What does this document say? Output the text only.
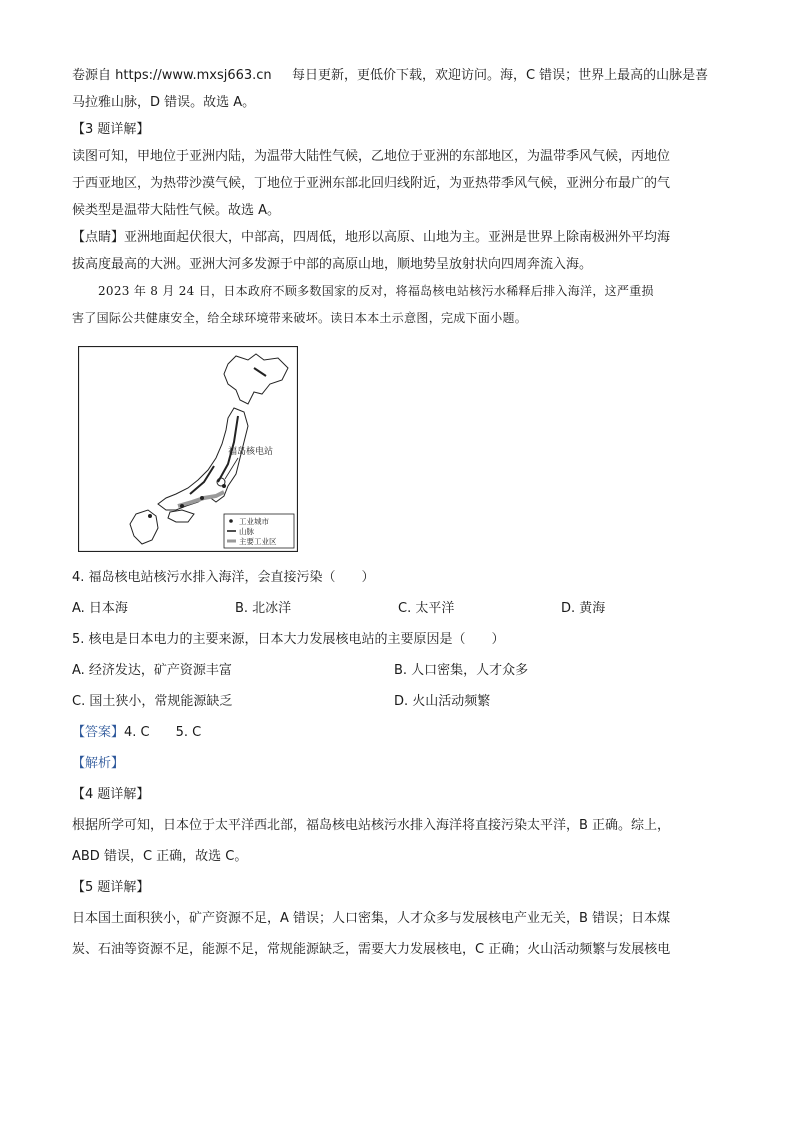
卷源自 https://www.mxsj663.cn 每日更新，更低价下载，欢迎访问。海，C 错误；世界上最高的山脉是喜
马拉雅山脉，D 错误。故选 A。
【3 题详解】
读图可知，甲地位于亚洲内陆，为温带大陆性气候，乙地位于亚洲的东部地区，为温带季风气候，丙地位
于西亚地区，为热带沙漠气候，丁地位于亚洲东部北回归线附近，为亚热带季风气候，亚洲分布最广的气
候类型是温带大陆性气候。故选 A。
【点睛】亚洲地面起伏很大，中部高，四周低，地形以高原、山地为主。亚洲是世界上除南极洲外平均海
拔高度最高的大洲。亚洲大河多发源于中部的高原山地，顺地势呈放射状向四周奔流入海。
2023 年 8 月 24 日，日本政府不顾多数国家的反对，将福岛核电站核污水稀释后排入海洋，这严重损
害了国际公共健康安全，给全球环境带来破坏。读日本本土示意图，完成下面小题。
福岛核电站
工业城市
山脉
主要工业区
4. 福岛核电站核污水排入海洋，会直接污染（　　）
A. 日本海	B. 北冰洋	C. 太平洋	D. 黄海
5. 核电是日本电力的主要来源，日本大力发展核电站的主要原因是（　　）
A. 经济发达，矿产资源丰富	B. 人口密集，人才众多
C. 国土狭小，常规能源缺乏	D. 火山活动频繁
【答案】4. C 5. C
【解析】
【4 题详解】
根据所学可知，日本位于太平洋西北部，福岛核电站核污水排入海洋将直接污染太平洋，B 正确。综上，
ABD 错误，C 正确，故选 C。
【5 题详解】
日本国土面积狭小，矿产资源不足，A 错误；人口密集，人才众多与发展核电产业无关，B 错误；日本煤
炭、石油等资源不足，能源不足，常规能源缺乏，需要大力发展核电，C 正确；火山活动频繁与发展核电
